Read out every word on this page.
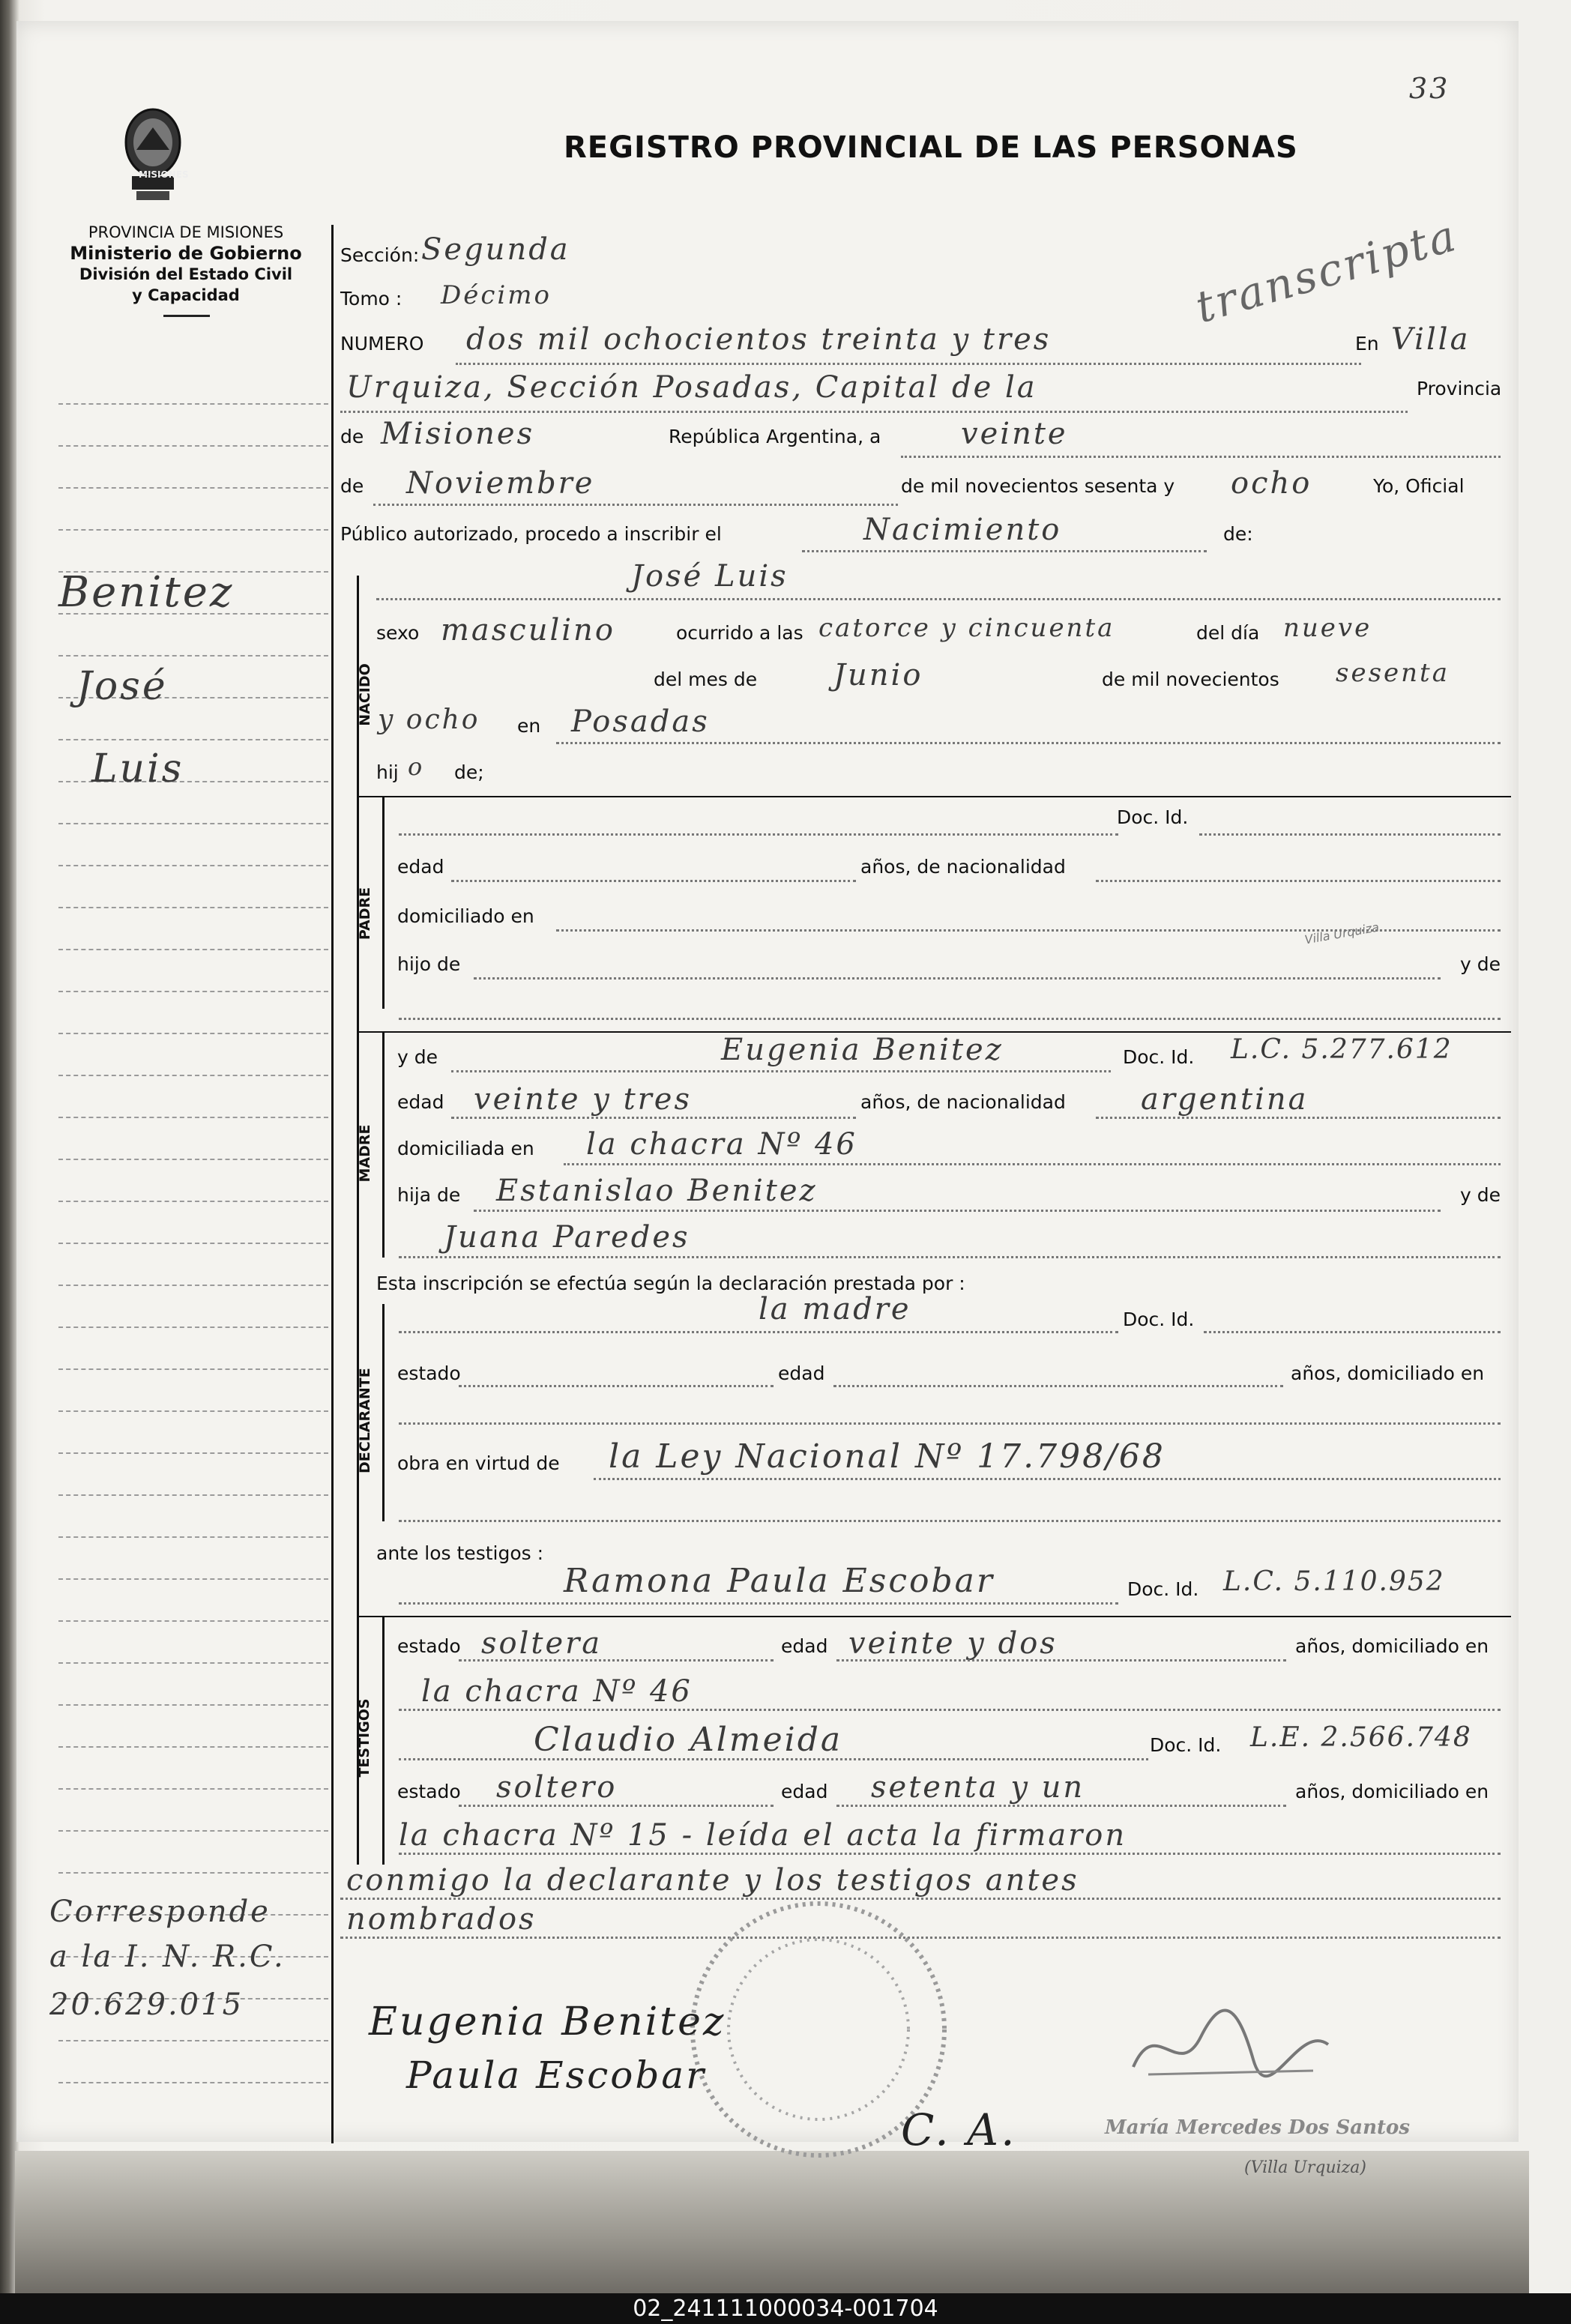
33
MISIONES
PROVINCIA DE MISIONES
Ministerio de Gobierno
División del Estado Civil
y Capacidad
REGISTRO PROVINCIAL DE LAS PERSONAS
transcripta
Benitez
José
Luis
Corresponde
a la I. N. R.C.
20.629.015
Sección: Segunda
Tomo : Décimo
NUMERO dos mil ochocientos treinta y tres	En Villa
Urquiza, Sección Posadas, Capital de la	Provincia
de Misiones	República Argentina, a	veinte
de Noviembre	de mil novecientos sesenta y ocho	Yo, Oficial
Público autorizado, procedo a inscribir el	Nacimiento	de:
José Luis
NACIDO
sexo masculino	ocurrido a las catorce y cincuenta	del día nueve
del mes de	Junio	de mil novecientos sesenta
y ocho en Posadas
hij o de;
Doc. Id.
PADRE
edad	años, de nacionalidad
domiciliado en
hijo de	y de
y de	Eugenia Benitez	Doc. Id. L.C. 5.277.612
MADRE
edad veinte y tres	años, de nacionalidad	argentina
domiciliada en la chacra Nº 46
hija de Estanislao Benitez	y de
Juana Paredes
Esta inscripción se efectúa según la declaración prestada por :
la madre	Doc. Id.
DECLARANTE estado	edad	años, domiciliado en
obra en virtud de la Ley Nacional Nº 17.798/68
ante los testigos :
Ramona Paula Escobar	Doc. Id. L.C. 5.110.952
TESTIGOS
estado soltera	edad veinte y dos	años, domiciliado en
la chacra Nº 46
Claudio Almeida	Doc. Id. L.E. 2.566.748
estado soltero	edad setenta y un	años, domiciliado en
la chacra Nº 15 - leída el acta la firmaron
conmigo la declarante y los testigos antes
nombrados
Eugenia Benitez
Paula Escobar
C. A.	María Mercedes Dos Santos
(Villa Urquiza)
Villa Urquiza
02_241111000034-001704
